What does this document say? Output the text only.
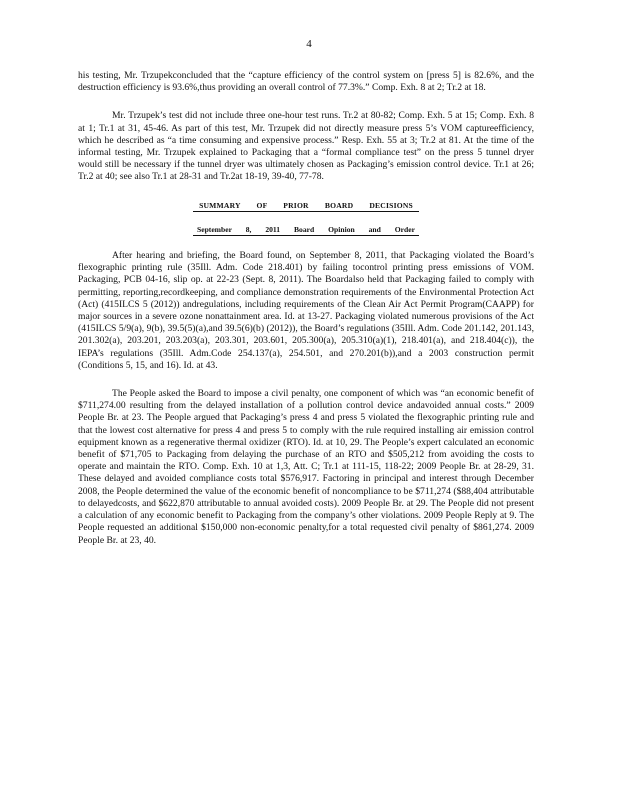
4

his testing, Mr. Trzupekconcluded that the “capture efficiency of the control system on [press 5] is 82.6%, and the destruction efficiency is 93.6%,thus providing an overall control of 77.3%.” Comp. Exh. 8 at 2; Tr.2 at 18.

Mr. Trzupek’s test did not include three one-hour test runs. Tr.2 at 80-82; Comp. Exh. 5 at 15; Comp. Exh. 8 at 1; Tr.1 at 31, 45-46. As part of this test, Mr. Trzupek did not directly measure press 5’s VOM captureefficiency, which he described as “a time consuming and expensive process.” Resp. Exh. 55 at 3; Tr.2 at 81. At the time of the informal testing, Mr. Trzupek explained to Packaging that a “formal compliance test” on the press 5 tunnel dryer would still be necessary if the tunnel dryer was ultimately chosen as Packaging’s emission control device. Tr.1 at 26; Tr.2 at 40; see also Tr.1 at 28-31 and Tr.2at 18-19, 39-40, 77-78.

SUMMARY OF PRIOR BOARD DECISIONS
September 8, 2011 Board Opinion and Order

After hearing and briefing, the Board found, on September 8, 2011, that Packaging violated the Board’s flexographic printing rule (35Ill. Adm. Code 218.401) by failing tocontrol printing press emissions of VOM. Packaging, PCB 04-16, slip op. at 22-23 (Sept. 8, 2011). The Boardalso held that Packaging failed to comply with permitting, reporting,recordkeeping, and compliance demonstration requirements of the Environmental Protection Act (Act) (415ILCS 5 (2012)) andregulations, including requirements of the Clean Air Act Permit Program(CAAPP) for major sources in a severe ozone nonattainment area. Id. at 13-27. Packaging violated numerous provisions of the Act (415ILCS 5/9(a), 9(b), 39.5(5)(a),and 39.5(6)(b) (2012)), the Board’s regulations (35Ill. Adm. Code 201.142, 201.143, 201.302(a), 203.201, 203.203(a), 203.301, 203.601, 205.300(a), 205.310(a)(1), 218.401(a), and 218.404(c)), the IEPA’s regulations (35Ill. Adm.Code 254.137(a), 254.501, and 270.201(b)),and a 2003 construction permit (Conditions 5, 15, and 16). Id. at 43.

The People asked the Board to impose a civil penalty, one component of which was “an economic benefit of $711,274.00 resulting from the delayed installation of a pollution control device andavoided annual costs.” 2009 People Br. at 23. The People argued that Packaging’s press 4 and press 5 violated the flexographic printing rule and that the lowest cost alternative for press 4 and press 5 to comply with the rule required installing air emission control equipment known as a regenerative thermal oxidizer (RTO). Id. at 10, 29. The People’s expert calculated an economic benefit of $71,705 to Packaging from delaying the purchase of an RTO and $505,212 from avoiding the costs to operate and maintain the RTO. Comp. Exh. 10 at 1,3, Att. C; Tr.1 at 111-15, 118-22; 2009 People Br. at 28-29, 31. These delayed and avoided compliance costs total $576,917. Factoring in principal and interest through December 2008, the People determined the value of the economic benefit of noncompliance to be $711,274 ($88,404 attributable to delayedcosts, and $622,870 attributable to annual avoided costs). 2009 People Br. at 29. The People did not present a calculation of any economic benefit to Packaging from the company’s other violations. 2009 People Reply at 9. The People requested an additional $150,000 non-economic penalty,for a total requested civil penalty of $861,274. 2009 People Br. at 23, 40.
